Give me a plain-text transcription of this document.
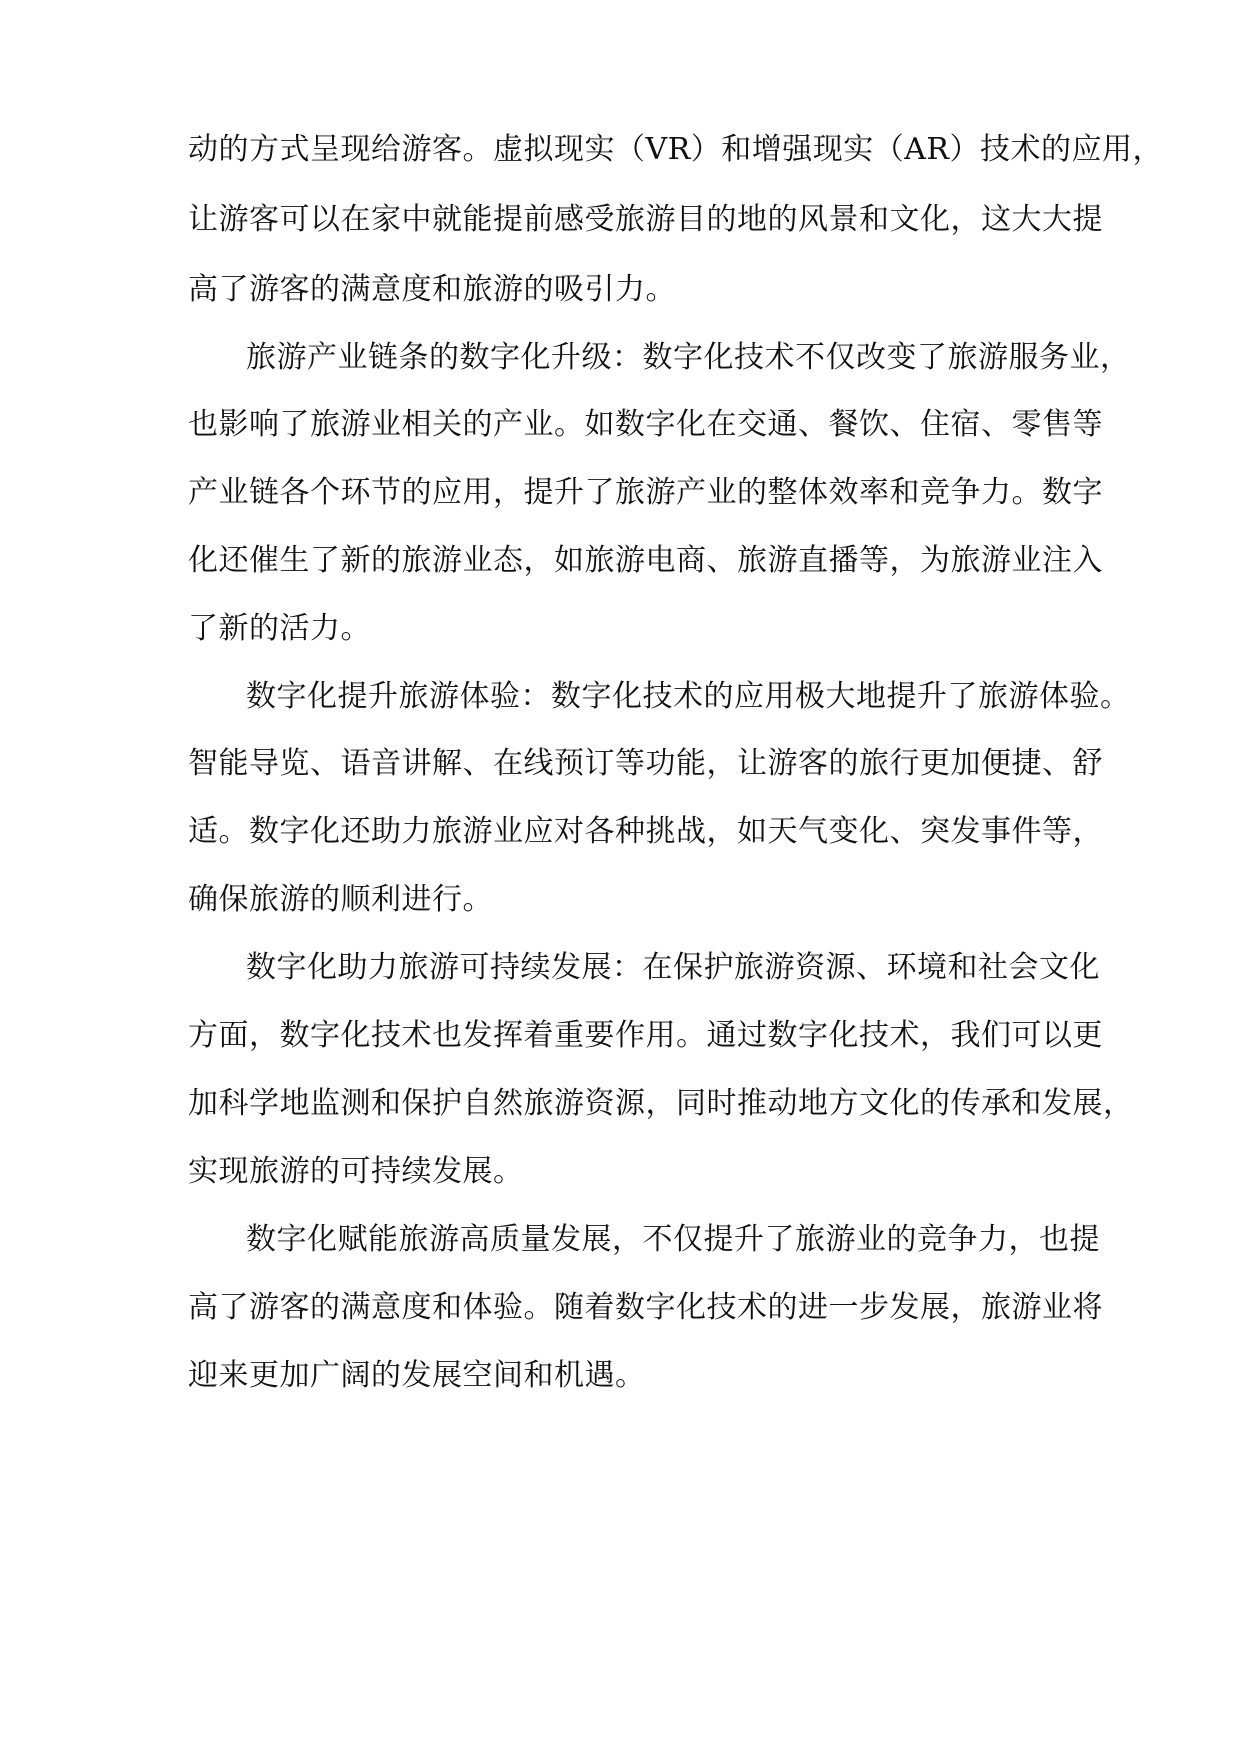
动的方式呈现给游客。虚拟现实（VR）和增强现实（AR）技术的应用，
让游客可以在家中就能提前感受旅游目的地的风景和文化，这大大提
高了游客的满意度和旅游的吸引力。
旅游产业链条的数字化升级：数字化技术不仅改变了旅游服务业，
也影响了旅游业相关的产业。如数字化在交通、餐饮、住宿、零售等
产业链各个环节的应用，提升了旅游产业的整体效率和竞争力。数字
化还催生了新的旅游业态，如旅游电商、旅游直播等，为旅游业注入
了新的活力。
数字化提升旅游体验：数字化技术的应用极大地提升了旅游体验。
智能导览、语音讲解、在线预订等功能，让游客的旅行更加便捷、舒
适。数字化还助力旅游业应对各种挑战，如天气变化、突发事件等，
确保旅游的顺利进行。
数字化助力旅游可持续发展：在保护旅游资源、环境和社会文化
方面，数字化技术也发挥着重要作用。通过数字化技术，我们可以更
加科学地监测和保护自然旅游资源，同时推动地方文化的传承和发展，
实现旅游的可持续发展。
数字化赋能旅游高质量发展，不仅提升了旅游业的竞争力，也提
高了游客的满意度和体验。随着数字化技术的进一步发展，旅游业将
迎来更加广阔的发展空间和机遇。
